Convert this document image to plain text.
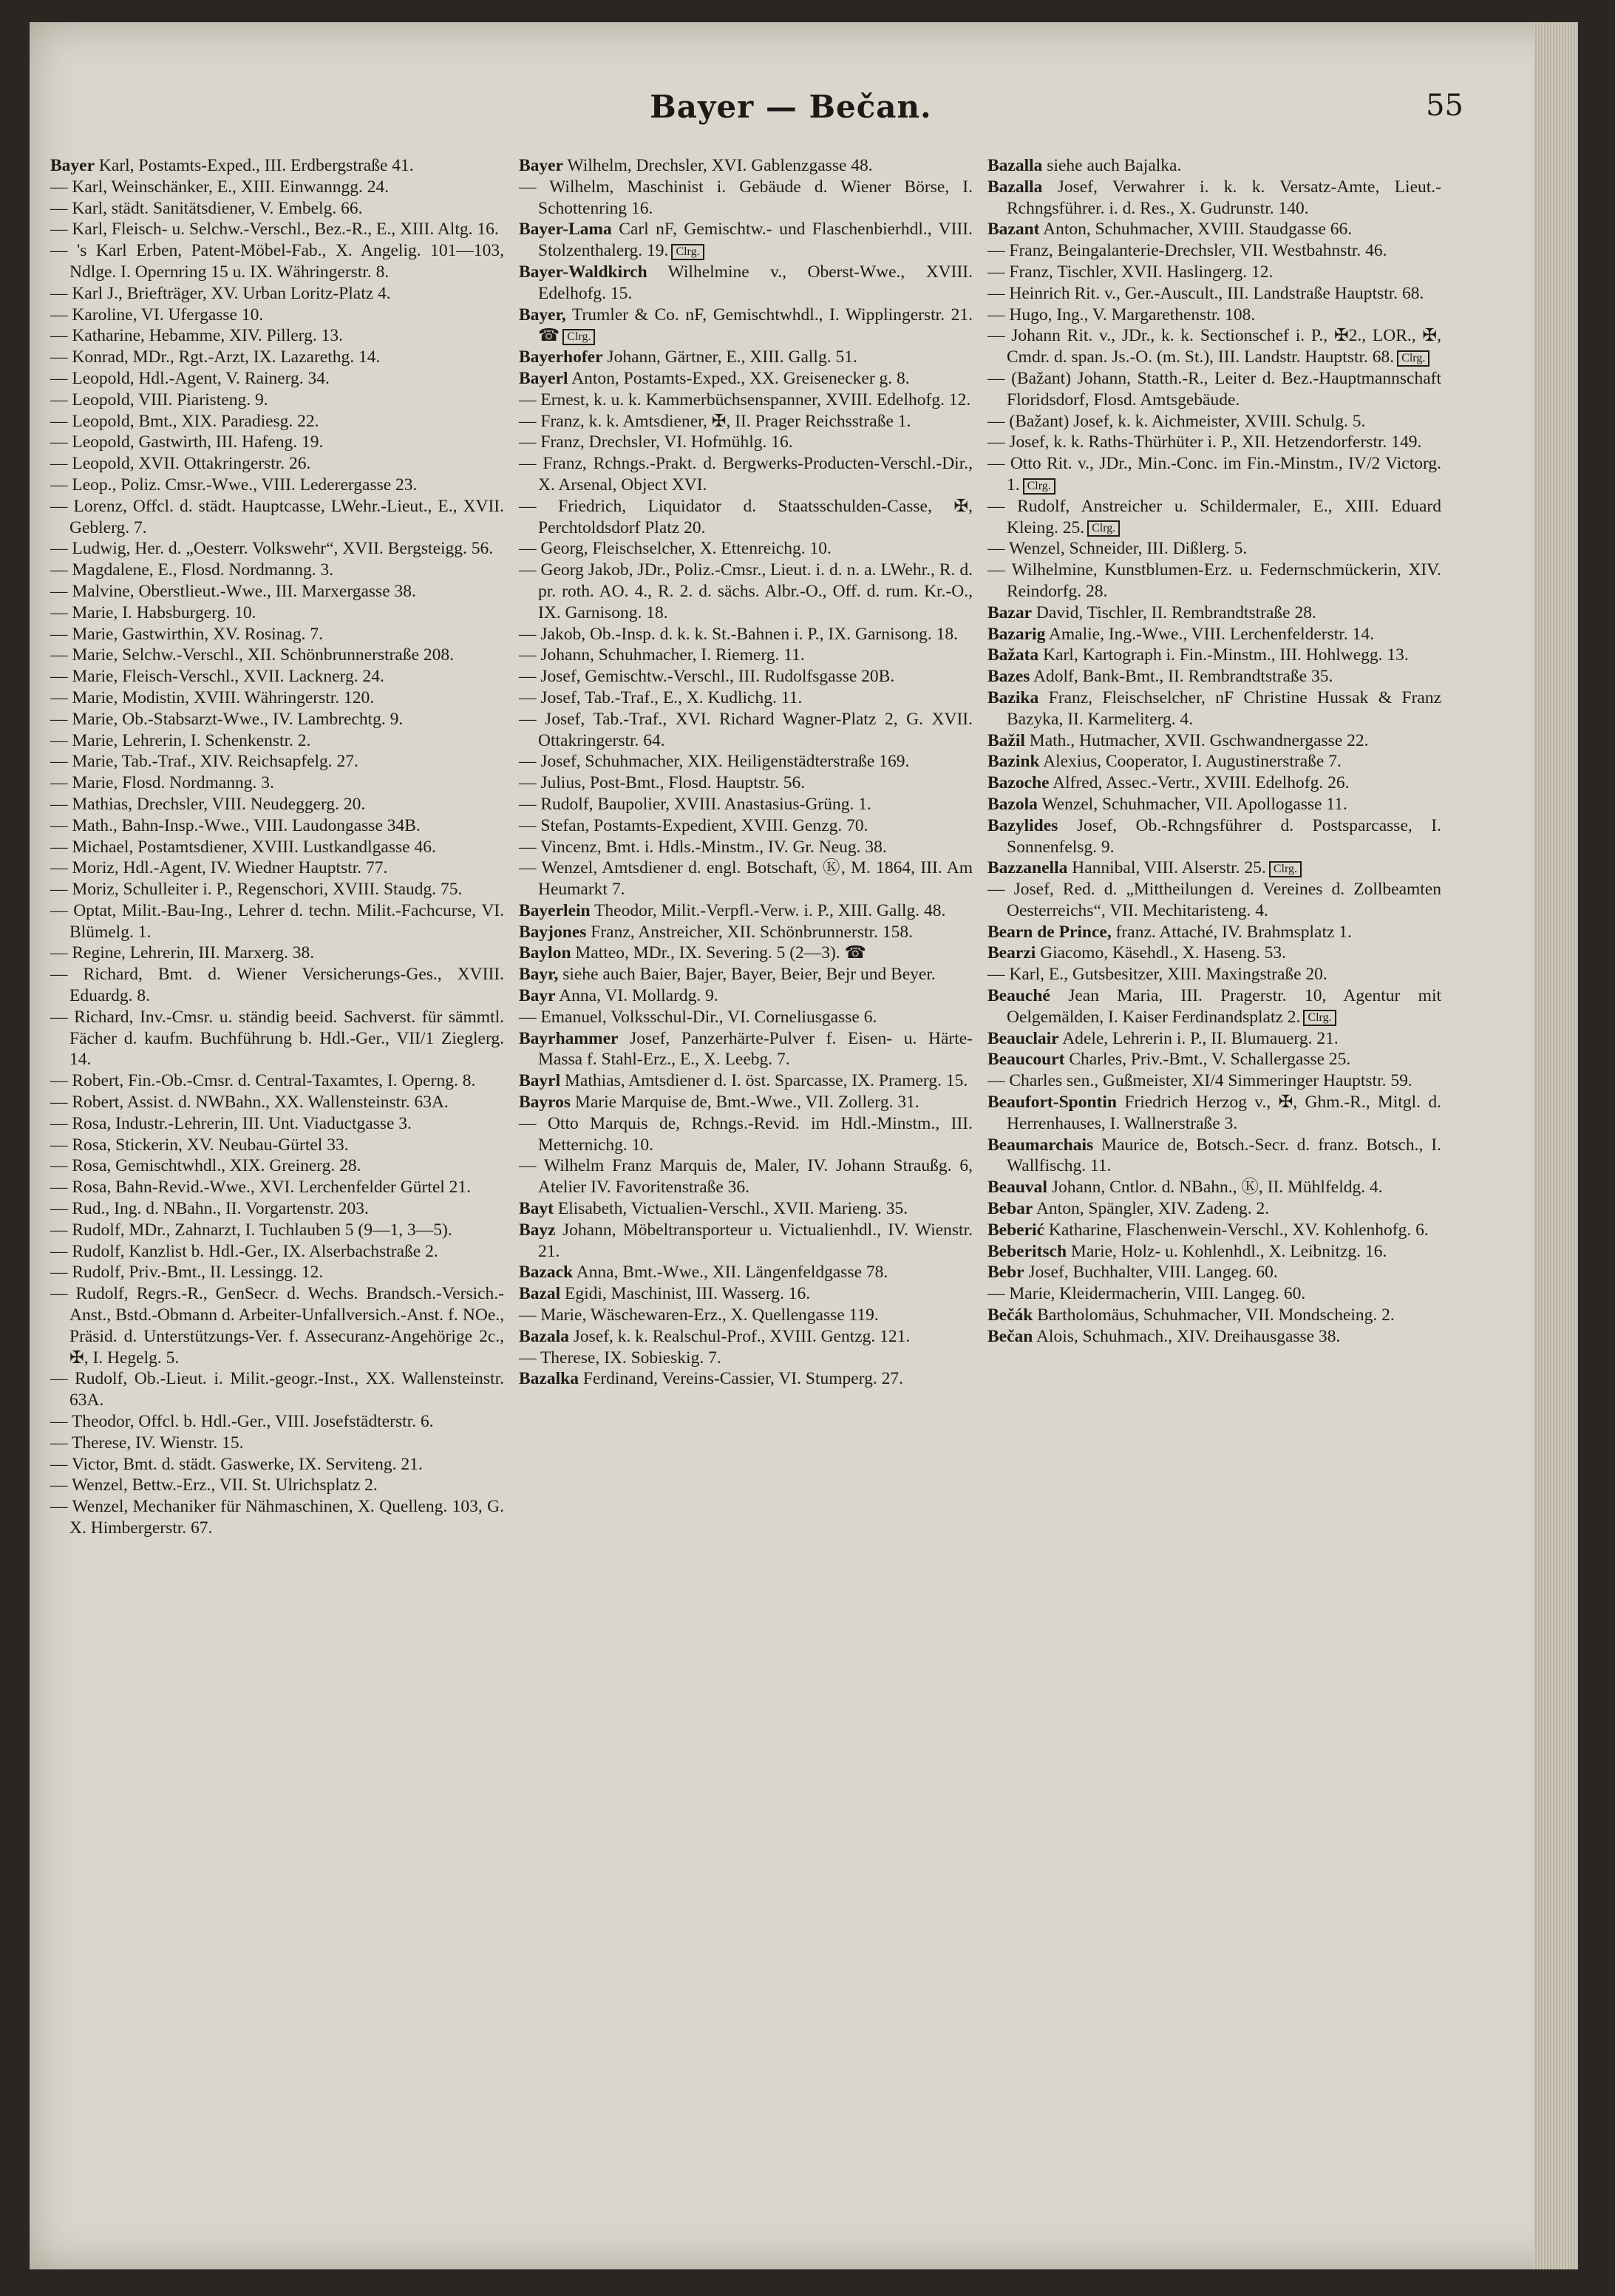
Bayer — Bečan.	55

Bayer Karl, Postamts-Exped., III. Erdbergstraße 41.

— Karl, Weinschänker, E., XIII. Einwanngg. 24.

— Karl, städt. Sanitätsdiener, V. Embelg. 66.

— Karl, Fleisch- u. Selchw.-Verschl., Bez.-R., E., XIII. Altg. 16.

— 's Karl Erben, Patent-Möbel-Fab., X. Angelig. 101—103, Ndlge. I. Opernring 15 u. IX. Währingerstr. 8.

— Karl J., Briefträger, XV. Urban Loritz-Platz 4.

— Karoline, VI. Ufergasse 10.

— Katharine, Hebamme, XIV. Pillerg. 13.

— Konrad, MDr., Rgt.-Arzt, IX. Lazarethg. 14.

— Leopold, Hdl.-Agent, V. Rainerg. 34.

— Leopold, VIII. Piaristeng. 9.

— Leopold, Bmt., XIX. Paradiesg. 22.

— Leopold, Gastwirth, III. Hafeng. 19.

— Leopold, XVII. Ottakringerstr. 26.

— Leop., Poliz. Cmsr.-Wwe., VIII. Lederergasse 23.

— Lorenz, Offcl. d. städt. Hauptcasse, LWehr.-Lieut., E., XVII. Geblerg. 7.

— Ludwig, Her. d. „Oesterr. Volkswehr“, XVII. Bergsteigg. 56.

— Magdalene, E., Flosd. Nordmanng. 3.

— Malvine, Oberstlieut.-Wwe., III. Marxergasse 38.

— Marie, I. Habsburgerg. 10.

— Marie, Gastwirthin, XV. Rosinag. 7.

— Marie, Selchw.-Verschl., XII. Schönbrunnerstraße 208.

— Marie, Fleisch-Verschl., XVII. Lacknerg. 24.

— Marie, Modistin, XVIII. Währingerstr. 120.

— Marie, Ob.-Stabsarzt-Wwe., IV. Lambrechtg. 9.

— Marie, Lehrerin, I. Schenkenstr. 2.

— Marie, Tab.-Traf., XIV. Reichsapfelg. 27.

— Marie, Flosd. Nordmanng. 3.

— Mathias, Drechsler, VIII. Neudeggerg. 20.

— Math., Bahn-Insp.-Wwe., VIII. Laudongasse 34B.

— Michael, Postamtsdiener, XVIII. Lustkandlgasse 46.

— Moriz, Hdl.-Agent, IV. Wiedner Hauptstr. 77.

— Moriz, Schulleiter i. P., Regenschori, XVIII. Staudg. 75.

— Optat, Milit.-Bau-Ing., Lehrer d. techn. Milit.-Fachcurse, VI. Blümelg. 1.

— Regine, Lehrerin, III. Marxerg. 38.

— Richard, Bmt. d. Wiener Versicherungs-Ges., XVIII. Eduardg. 8.

— Richard, Inv.-Cmsr. u. ständig beeid. Sachverst. für sämmtl. Fächer d. kaufm. Buchführung b. Hdl.-Ger., VII/1 Zieglerg. 14.

— Robert, Fin.-Ob.-Cmsr. d. Central-Taxamtes, I. Operng. 8.

— Robert, Assist. d. NWBahn., XX. Wallensteinstr. 63A.

— Rosa, Industr.-Lehrerin, III. Unt. Viaductgasse 3.

— Rosa, Stickerin, XV. Neubau-Gürtel 33.

— Rosa, Gemischtwhdl., XIX. Greinerg. 28.

— Rosa, Bahn-Revid.-Wwe., XVI. Lerchenfelder Gürtel 21.

— Rud., Ing. d. NBahn., II. Vorgartenstr. 203.

— Rudolf, MDr., Zahnarzt, I. Tuchlauben 5 (9—1, 3—5).

— Rudolf, Kanzlist b. Hdl.-Ger., IX. Alserbachstraße 2.

— Rudolf, Priv.-Bmt., II. Lessingg. 12.

— Rudolf, Regrs.-R., GenSecr. d. Wechs. Brandsch.-Versich.-Anst., Bstd.-Obmann d. Arbeiter-Unfallversich.-Anst. f. NOe., Präsid. d. Unterstützungs-Ver. f. Assecuranz-Angehörige 2c., ✠, I. Hegelg. 5.

— Rudolf, Ob.-Lieut. i. Milit.-geogr.-Inst., XX. Wallensteinstr. 63A.

— Theodor, Offcl. b. Hdl.-Ger., VIII. Josefstädterstr. 6.

— Therese, IV. Wienstr. 15.

— Victor, Bmt. d. städt. Gaswerke, IX. Serviteng. 21.

— Wenzel, Bettw.-Erz., VII. St. Ulrichsplatz 2.

— Wenzel, Mechaniker für Nähmaschinen, X. Quelleng. 103, G. X. Himbergerstr. 67.

Bayer Wilhelm, Drechsler, XVI. Gablenzgasse 48.

— Wilhelm, Maschinist i. Gebäude d. Wiener Börse, I. Schottenring 16.

Bayer-Lama Carl nF, Gemischtw.- und Flaschenbierhdl., VIII. Stolzenthalerg. 19. Clrg.

Bayer-Waldkirch Wilhelmine v., Oberst-Wwe., XVIII. Edelhofg. 15.

Bayer, Trumler & Co. nF, Gemischtwhdl., I. Wipplingerstr. 21. ☎ Clrg.

Bayerhofer Johann, Gärtner, E., XIII. Gallg. 51.

Bayerl Anton, Postamts-Exped., XX. Greisenecker g. 8.

— Ernest, k. u. k. Kammerbüchsenspanner, XVIII. Edelhofg. 12.

— Franz, k. k. Amtsdiener, ✠, II. Prager Reichsstraße 1.

— Franz, Drechsler, VI. Hofmühlg. 16.

— Franz, Rchngs.-Prakt. d. Bergwerks-Producten-Verschl.-Dir., X. Arsenal, Object XVI.

— Friedrich, Liquidator d. Staatsschulden-Casse, ✠, Perchtoldsdorf Platz 20.

— Georg, Fleischselcher, X. Ettenreichg. 10.

— Georg Jakob, JDr., Poliz.-Cmsr., Lieut. i. d. n. a. LWehr., R. d. pr. roth. AO. 4., R. 2. d. sächs. Albr.-O., Off. d. rum. Kr.-O., IX. Garnisong. 18.

— Jakob, Ob.-Insp. d. k. k. St.-Bahnen i. P., IX. Garnisong. 18.

— Johann, Schuhmacher, I. Riemerg. 11.

— Josef, Gemischtw.-Verschl., III. Rudolfsgasse 20B.

— Josef, Tab.-Traf., E., X. Kudlichg. 11.

— Josef, Tab.-Traf., XVI. Richard Wagner-Platz 2, G. XVII. Ottakringerstr. 64.

— Josef, Schuhmacher, XIX. Heiligenstädterstraße 169.

— Julius, Post-Bmt., Flosd. Hauptstr. 56.

— Rudolf, Baupolier, XVIII. Anastasius-Grüng. 1.

— Stefan, Postamts-Expedient, XVIII. Genzg. 70.

— Vincenz, Bmt. i. Hdls.-Minstm., IV. Gr. Neug. 38.

— Wenzel, Amtsdiener d. engl. Botschaft, Ⓚ, M. 1864, III. Am Heumarkt 7.

Bayerlein Theodor, Milit.-Verpfl.-Verw. i. P., XIII. Gallg. 48.

Bayjones Franz, Anstreicher, XII. Schönbrunnerstr. 158.

Baylon Matteo, MDr., IX. Severing. 5 (2—3). ☎

Bayr, siehe auch Baier, Bajer, Bayer, Beier, Bejr und Beyer.

Bayr Anna, VI. Mollardg. 9.

— Emanuel, Volksschul-Dir., VI. Corneliusgasse 6.

Bayrhammer Josef, Panzerhärte-Pulver f. Eisen- u. Härte-Massa f. Stahl-Erz., E., X. Leebg. 7.

Bayrl Mathias, Amtsdiener d. I. öst. Sparcasse, IX. Pramerg. 15.

Bayros Marie Marquise de, Bmt.-Wwe., VII. Zollerg. 31.

— Otto Marquis de, Rchngs.-Revid. im Hdl.-Minstm., III. Metternichg. 10.

— Wilhelm Franz Marquis de, Maler, IV. Johann Straußg. 6, Atelier IV. Favoritenstraße 36.

Bayt Elisabeth, Victualien-Verschl., XVII. Marieng. 35.

Bayz Johann, Möbeltransporteur u. Victualienhdl., IV. Wienstr. 21.

Bazack Anna, Bmt.-Wwe., XII. Längenfeldgasse 78.

Bazal Egidi, Maschinist, III. Wasserg. 16.

— Marie, Wäschewaren-Erz., X. Quellengasse 119.

Bazala Josef, k. k. Realschul-Prof., XVIII. Gentzg. 121.

— Therese, IX. Sobieskig. 7.

Bazalka Ferdinand, Vereins-Cassier, VI. Stumperg. 27.

Bazalla siehe auch Bajalka.

Bazalla Josef, Verwahrer i. k. k. Versatz-Amte, Lieut.-Rchngsführer. i. d. Res., X. Gudrunstr. 140.

Bazant Anton, Schuhmacher, XVIII. Staudgasse 66.

— Franz, Beingalanterie-Drechsler, VII. Westbahnstr. 46.

— Franz, Tischler, XVII. Haslingerg. 12.

— Heinrich Rit. v., Ger.-Auscult., III. Landstraße Hauptstr. 68.

— Hugo, Ing., V. Margarethenstr. 108.

— Johann Rit. v., JDr., k. k. Sectionschef i. P., ✠2., LOR., ✠, Cmdr. d. span. Js.-O. (m. St.), III. Landstr. Hauptstr. 68. Clrg.

— (Bažant) Johann, Statth.-R., Leiter d. Bez.-Hauptmannschaft Floridsdorf, Flosd. Amtsgebäude.

— (Bažant) Josef, k. k. Aichmeister, XVIII. Schulg. 5.

— Josef, k. k. Raths-Thürhüter i. P., XII. Hetzendorferstr. 149.

— Otto Rit. v., JDr., Min.-Conc. im Fin.-Minstm., IV/2 Victorg. 1. Clrg.

— Rudolf, Anstreicher u. Schildermaler, E., XIII. Eduard Kleing. 25. Clrg.

— Wenzel, Schneider, III. Dißlerg. 5.

— Wilhelmine, Kunstblumen-Erz. u. Federnschmückerin, XIV. Reindorfg. 28.

Bazar David, Tischler, II. Rembrandtstraße 28.

Bazarig Amalie, Ing.-Wwe., VIII. Lerchenfelderstr. 14.

Bažata Karl, Kartograph i. Fin.-Minstm., III. Hohlwegg. 13.

Bazes Adolf, Bank-Bmt., II. Rembrandtstraße 35.

Bazika Franz, Fleischselcher, nF Christine Hussak & Franz Bazyka, II. Karmeliterg. 4.

Bažil Math., Hutmacher, XVII. Gschwandnergasse 22.

Bazink Alexius, Cooperator, I. Augustinerstraße 7.

Bazoche Alfred, Assec.-Vertr., XVIII. Edelhofg. 26.

Bazola Wenzel, Schuhmacher, VII. Apollogasse 11.

Bazylides Josef, Ob.-Rchngsführer d. Postsparcasse, I. Sonnenfelsg. 9.

Bazzanella Hannibal, VIII. Alserstr. 25. Clrg.

— Josef, Red. d. „Mittheilungen d. Vereines d. Zollbeamten Oesterreichs“, VII. Mechitaristeng. 4.

Bearn de Prince, franz. Attaché, IV. Brahmsplatz 1.

Bearzi Giacomo, Käsehdl., X. Haseng. 53.

— Karl, E., Gutsbesitzer, XIII. Maxingstraße 20.

Beauché Jean Maria, III. Pragerstr. 10, Agentur mit Oelgemälden, I. Kaiser Ferdinandsplatz 2. Clrg.

Beauclair Adele, Lehrerin i. P., II. Blumauerg. 21.

Beaucourt Charles, Priv.-Bmt., V. Schallergasse 25.

— Charles sen., Gußmeister, XI/4 Simmeringer Hauptstr. 59.

Beaufort-Spontin Friedrich Herzog v., ✠, Ghm.-R., Mitgl. d. Herrenhauses, I. Wallnerstraße 3.

Beaumarchais Maurice de, Botsch.-Secr. d. franz. Botsch., I. Wallfischg. 11.

Beauval Johann, Cntlor. d. NBahn., Ⓚ, II. Mühlfeldg. 4.

Bebar Anton, Spängler, XIV. Zadeng. 2.

Beberić Katharine, Flaschenwein-Verschl., XV. Kohlenhofg. 6.

Beberitsch Marie, Holz- u. Kohlenhdl., X. Leibnitzg. 16.

Bebr Josef, Buchhalter, VIII. Langeg. 60.

— Marie, Kleidermacherin, VIII. Langeg. 60.

Bečák Bartholomäus, Schuhmacher, VII. Mondscheing. 2.

Bečan Alois, Schuhmach., XIV. Dreihausgasse 38.
